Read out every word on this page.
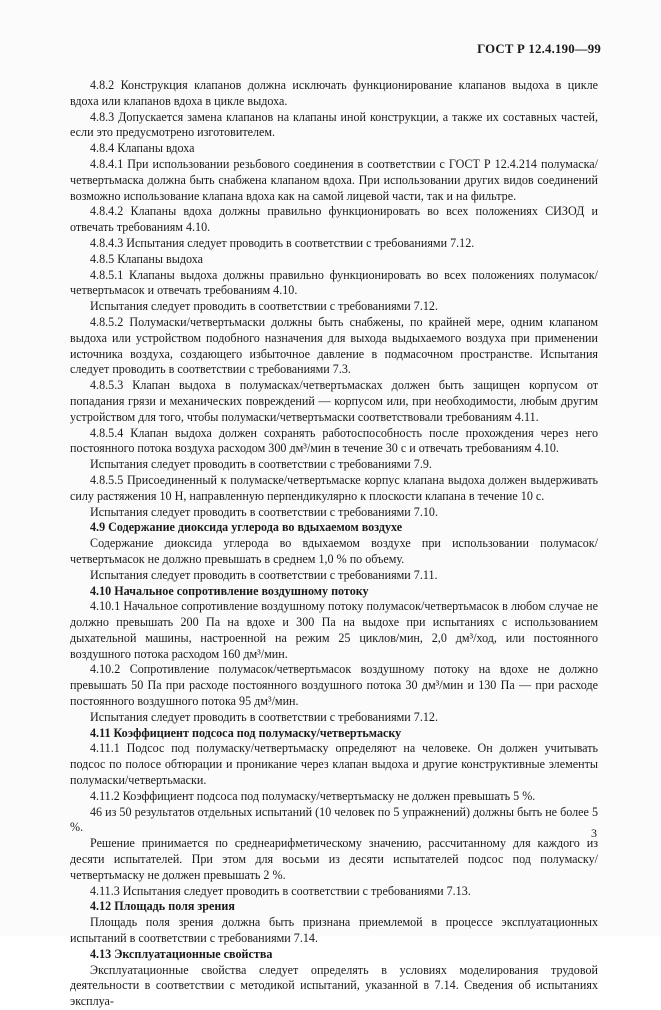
ГОСТ Р 12.4.190—99

4.8.2 Конструкция клапанов должна исключать функционирование клапанов выдоха в цикле вдоха или клапанов вдоха в цикле выдоха.

4.8.3 Допускается замена клапанов на клапаны иной конструкции, а также их составных частей, если это предусмотрено изготовителем.

4.8.4 Клапаны вдоха

4.8.4.1 При использовании резьбового соединения в соответствии с ГОСТ Р 12.4.214 полумаска/четвертьмаска должна быть снабжена клапаном вдоха. При использовании других видов соединений возможно использование клапана вдоха как на самой лицевой части, так и на фильтре.

4.8.4.2 Клапаны вдоха должны правильно функционировать во всех положениях СИЗОД и отвечать требованиям 4.10.

4.8.4.3 Испытания следует проводить в соответствии с требованиями 7.12.

4.8.5 Клапаны выдоха

4.8.5.1 Клапаны выдоха должны правильно функционировать во всех положениях полумасок/четвертьмасок и отвечать требованиям 4.10.

Испытания следует проводить в соответствии с требованиями 7.12.

4.8.5.2 Полумаски/четвертьмаски должны быть снабжены, по крайней мере, одним клапаном выдоха или устройством подобного назначения для выхода выдыхаемого воздуха при применении источника воздуха, создающего избыточное давление в подмасочном пространстве. Испытания следует проводить в соответствии с требованиями 7.3.

4.8.5.3 Клапан выдоха в полумасках/четвертьмасках должен быть защищен корпусом от попадания грязи и механических повреждений — корпусом или, при необходимости, любым другим устройством для того, чтобы полумаски/четвертьмаски соответствовали требованиям 4.11.

4.8.5.4 Клапан выдоха должен сохранять работоспособность после прохождения через него постоянного потока воздуха расходом 300 дм³/мин в течение 30 с и отвечать требованиям 4.10.

Испытания следует проводить в соответствии с требованиями 7.9.

4.8.5.5 Присоединенный к полумаске/четвертьмаске корпус клапана выдоха должен выдерживать силу растяжения 10 Н, направленную перпендикулярно к плоскости клапана в течение 10 с.

Испытания следует проводить в соответствии с требованиями 7.10.

4.9 Содержание диоксида углерода во вдыхаемом воздухе

Содержание диоксида углерода во вдыхаемом воздухе при использовании полумасок/четвертьмасок не должно превышать в среднем 1,0 % по объему.

Испытания следует проводить в соответствии с требованиями 7.11.

4.10 Начальное сопротивление воздушному потоку

4.10.1 Начальное сопротивление воздушному потоку полумасок/четвертьмасок в любом случае не должно превышать 200 Па на вдохе и 300 Па на выдохе при испытаниях с использованием дыхательной машины, настроенной на режим 25 циклов/мин, 2,0 дм³/ход, или постоянного воздушного потока расходом 160 дм³/мин.

4.10.2 Сопротивление полумасок/четвертьмасок воздушному потоку на вдохе не должно превышать 50 Па при расходе постоянного воздушного потока 30 дм³/мин и 130 Па — при расходе постоянного воздушного потока 95 дм³/мин.

Испытания следует проводить в соответствии с требованиями 7.12.

4.11 Коэффициент подсоса под полумаску/четвертьмаску

4.11.1 Подсос под полумаску/четвертьмаску определяют на человеке. Он должен учитывать подсос по полосе обтюрации и проникание через клапан выдоха и другие конструктивные элементы полумаски/четвертьмаски.

4.11.2 Коэффициент подсоса под полумаску/четвертьмаску не должен превышать 5 %.

46 из 50 результатов отдельных испытаний (10 человек по 5 упражнений) должны быть не более 5 %.

Решение принимается по среднеарифметическому значению, рассчитанному для каждого из десяти испытателей. При этом для восьми из десяти испытателей подсос под полумаску/четвертьмаску не должен превышать 2 %.

4.11.3 Испытания следует проводить в соответствии с требованиями 7.13.

4.12 Площадь поля зрения

Площадь поля зрения должна быть признана приемлемой в процессе эксплуатационных испытаний в соответствии с требованиями 7.14.

4.13 Эксплуатационные свойства

Эксплуатационные свойства следует определять в условиях моделирования трудовой деятельности в соответствии с методикой испытаний, указанной в 7.14. Сведения об испытаниях эксплуа-

3
